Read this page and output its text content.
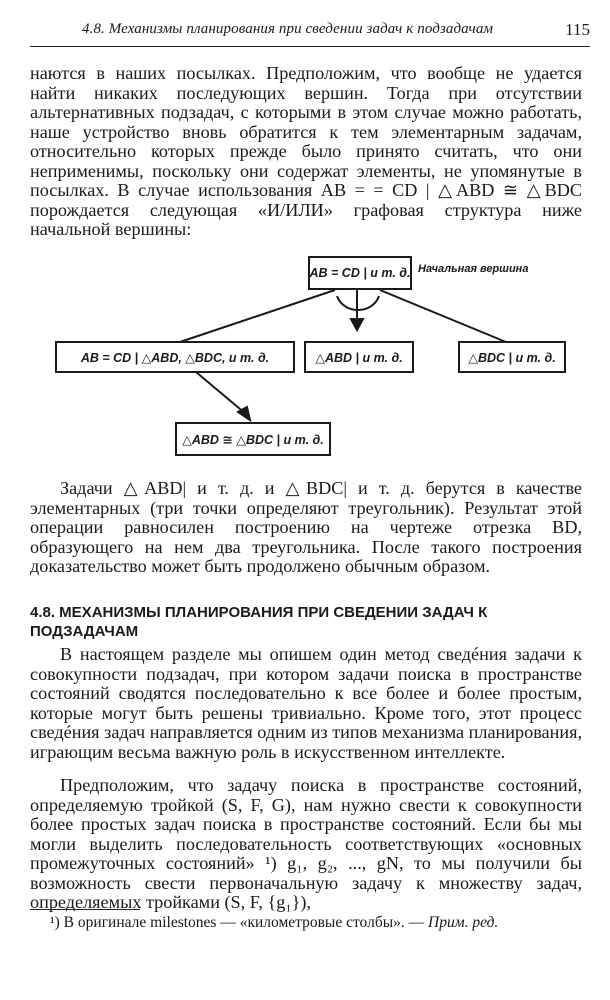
4.8. Механизмы планирования при сведении задач к подзадачам	115
наются в наших посылках. Предположим, что вообще не удается найти никаких последующих вершин. Тогда при отсутствии альтернативных подзадач, с которыми в этом случае можно работать, наше устройство вновь обратится к тем элементарным задачам, относительно которых прежде было принято считать, что они неприменимы, поскольку они содержат элементы, не упомянутые в посылках. В случае использования AB = = CD | △ABD ≅ △BDC порождается следующая «И/ИЛИ» графовая структура ниже начальной вершины:
AB = CD | и т. д. Начальная вершина
AB = CD | △ABD, △BDC, и т. д.	△ABD | и т. д.	△BDC | и т. д.
△ABD ≅ △BDC | и т. д.
Задачи △ABD| и т. д. и △BDC| и т. д. берутся в качестве элементарных (три точки определяют треугольник). Результат этой операции равносилен построению на чертеже отрезка BD, образующего на нем два треугольника. После такого построения доказательство может быть продолжено обычным образом.
4.8. МЕХАНИЗМЫ ПЛАНИРОВАНИЯ ПРИ СВЕДЕНИИ ЗАДАЧ К ПОДЗАДАЧАМ
В настоящем разделе мы опишем один метод сведéния задачи к совокупности подзадач, при котором задачи поиска в пространстве состояний сводятся последовательно к все более и более простым, которые могут быть решены тривиально. Кроме того, этот процесс сведéния задач направляется одним из типов механизма планирования, играющим весьма важную роль в искусственном интеллекте.
Предположим, что задачу поиска в пространстве состояний, определяемую тройкой (S, F, G), нам нужно свести к совокупности более простых задач поиска в пространстве состояний. Если бы мы могли выделить последовательность соответствующих «основных промежуточных состояний» ¹) g₁, g₂, ..., gN, то мы получили бы возможность свести первоначальную задачу к множеству задач, определяемых тройками (S, F, {g₁}),
¹) В оригинале milestones — «километровые столбы». — Прим. ред.
